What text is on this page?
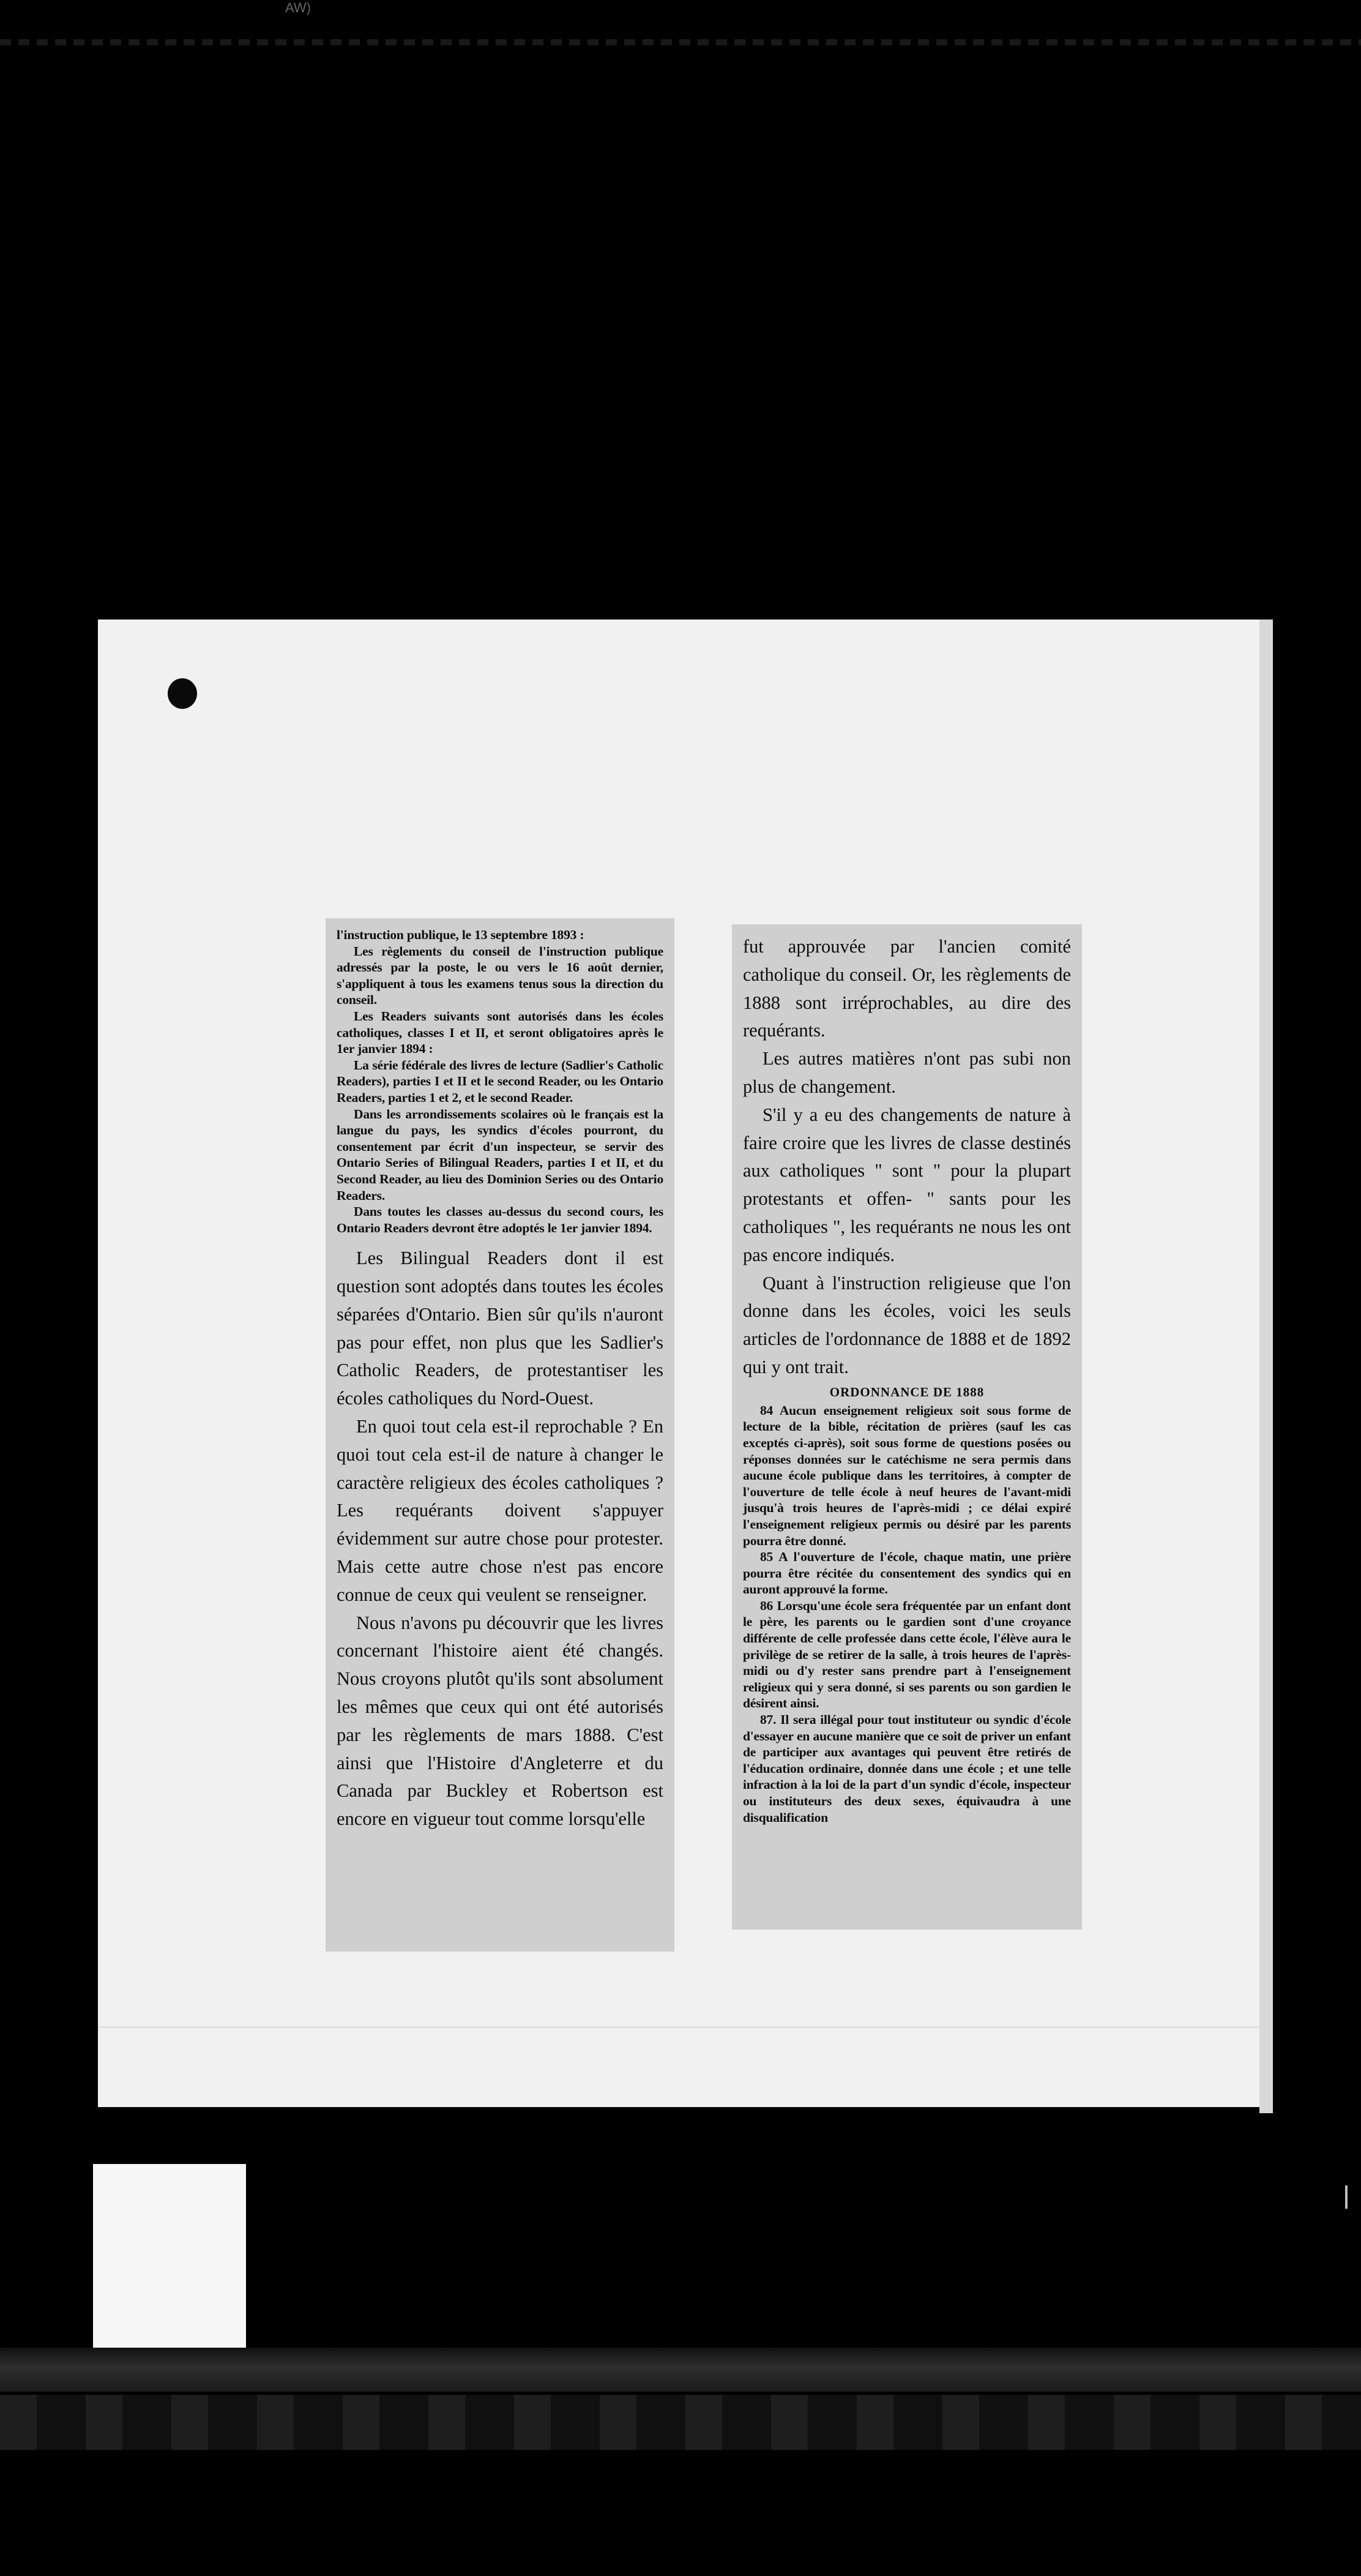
AW)

l'instruction publique, le 13 septembre 1893 :

Les règlements du conseil de l'instruction publique adressés par la poste, le ou vers le 16 août dernier, s'appliquent à tous les examens tenus sous la direction du conseil.

Les Readers suivants sont autorisés dans les écoles catholiques, classes I et II, et seront obligatoires après le 1er janvier 1894 :

La série fédérale des livres de lecture (Sadlier's Catholic Readers), parties I et II et le second Reader, ou les Ontario Readers, parties 1 et 2, et le second Reader.

Dans les arrondissements scolaires où le français est la langue du pays, les syndics d'écoles pourront, du consentement par écrit d'un inspecteur, se servir des Ontario Series of Bilingual Readers, parties I et II, et du Second Reader, au lieu des Dominion Series ou des Ontario Readers.

Dans toutes les classes au-dessus du second cours, les Ontario Readers devront être adoptés le 1er janvier 1894.

Les Bilingual Readers dont il est question sont adoptés dans toutes les écoles séparées d'Ontario. Bien sûr qu'ils n'auront pas pour effet, non plus que les Sadlier's Catholic Readers, de protestantiser les écoles catholiques du Nord-Ouest.

En quoi tout cela est-il reprochable ? En quoi tout cela est-il de nature à changer le caractère religieux des écoles catholiques ? Les requérants doivent s'appuyer évidemment sur autre chose pour protester. Mais cette autre chose n'est pas encore connue de ceux qui veulent se renseigner.

Nous n'avons pu découvrir que les livres concernant l'histoire aient été changés. Nous croyons plutôt qu'ils sont absolument les mêmes que ceux qui ont été autorisés par les règlements de mars 1888. C'est ainsi que l'Histoire d'Angleterre et du Canada par Buckley et Robertson est encore en vigueur tout comme lorsqu'elle

fut approuvée par l'ancien comité catholique du conseil. Or, les règlements de 1888 sont irréprochables, au dire des requérants.

Les autres matières n'ont pas subi non plus de changement.

S'il y a eu des changements de nature à faire croire que les livres de classe destinés aux catholiques " sont " pour la plupart protestants et offen- " sants pour les catholiques ", les requérants ne nous les ont pas encore indiqués.

Quant à l'instruction religieuse que l'on donne dans les écoles, voici les seuls articles de l'ordonnance de 1888 et de 1892 qui y ont trait.

ORDONNANCE DE 1888

84 Aucun enseignement religieux soit sous forme de lecture de la bible, récitation de prières (sauf les cas exceptés ci-après), soit sous forme de questions posées ou réponses données sur le catéchisme ne sera permis dans aucune école publique dans les territoires, à compter de l'ouverture de telle école à neuf heures de l'avant-midi jusqu'à trois heures de l'après-midi ; ce délai expiré l'enseignement religieux permis ou désiré par les parents pourra être donné.

85 A l'ouverture de l'école, chaque matin, une prière pourra être récitée du consentement des syndics qui en auront approuvé la forme.

86 Lorsqu'une école sera fréquentée par un enfant dont le père, les parents ou le gardien sont d'une croyance différente de celle professée dans cette école, l'élève aura le privilège de se retirer de la salle, à trois heures de l'après-midi ou d'y rester sans prendre part à l'enseignement religieux qui y sera donné, si ses parents ou son gardien le désirent ainsi.

87. Il sera illégal pour tout instituteur ou syndic d'école d'essayer en aucune manière que ce soit de priver un enfant de participer aux avantages qui peuvent être retirés de l'éducation ordinaire, donnée dans une école ; et une telle infraction à la loi de la part d'un syndic d'école, inspecteur ou instituteurs des deux sexes, équivaudra à une disqualification
